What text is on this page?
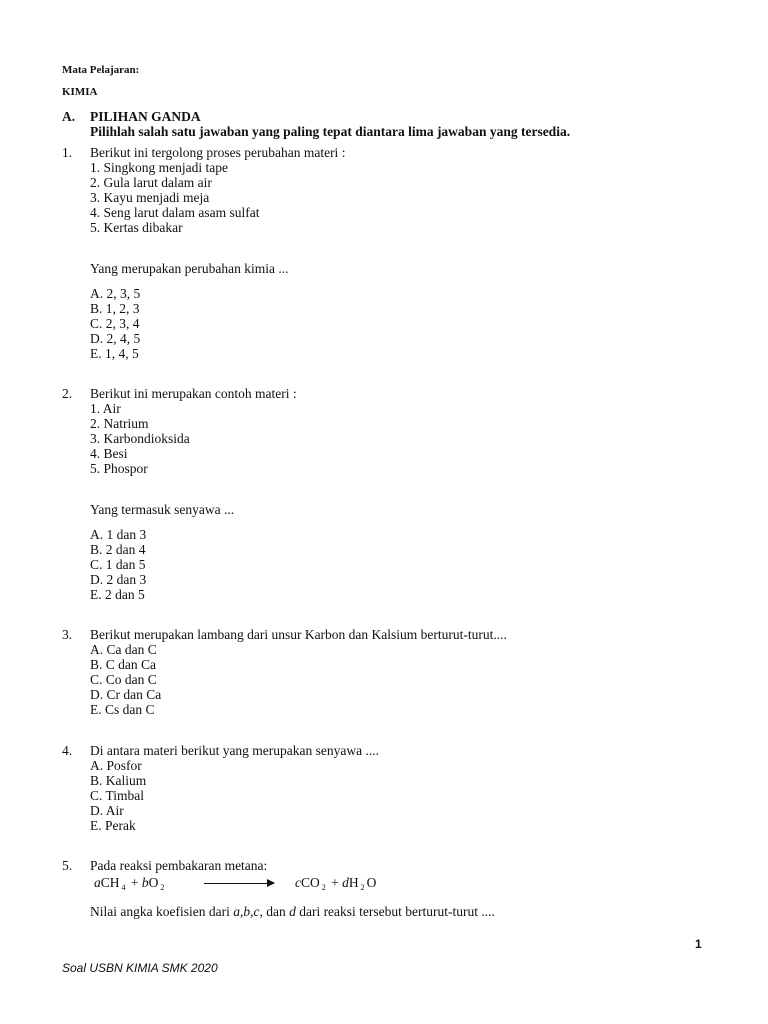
Mata Pelajaran:
KIMIA
A. PILIHAN GANDA
Pilihlah salah satu jawaban yang paling tepat diantara lima jawaban yang tersedia.
1. Berikut ini tergolong proses perubahan materi :
1. Singkong menjadi tape
2. Gula larut dalam air
3. Kayu menjadi meja
4. Seng larut dalam asam sulfat
5. Kertas dibakar
Yang merupakan perubahan kimia ...
A. 2, 3, 5
B. 1, 2, 3
C. 2, 3, 4
D. 2, 4, 5
E. 1, 4, 5
2. Berikut ini merupakan contoh materi :
1. Air
2. Natrium
3. Karbondioksida
4. Besi
5. Phospor
Yang termasuk senyawa ...
A. 1 dan 3
B. 2 dan 4
C. 1 dan 5
D. 2 dan 3
E. 2 dan 5
3. Berikut merupakan lambang dari unsur Karbon dan Kalsium berturut-turut....
A. Ca dan C
B. C dan Ca
C. Co dan C
D. Cr dan Ca
E. Cs dan C
4. Di antara materi berikut yang merupakan senyawa ....
A. Posfor
B. Kalium
C. Timbal
D. Air
E. Perak
5. Pada reaksi pembakaran metana:
aCH $_4$ + bO $_2$	cCO $_2$ + dH $_2$ O
Nilai angka koefisien dari a,b,c, dan d dari reaksi tersebut berturut-turut ....
1
Soal USBN KIMIA SMK 2020
